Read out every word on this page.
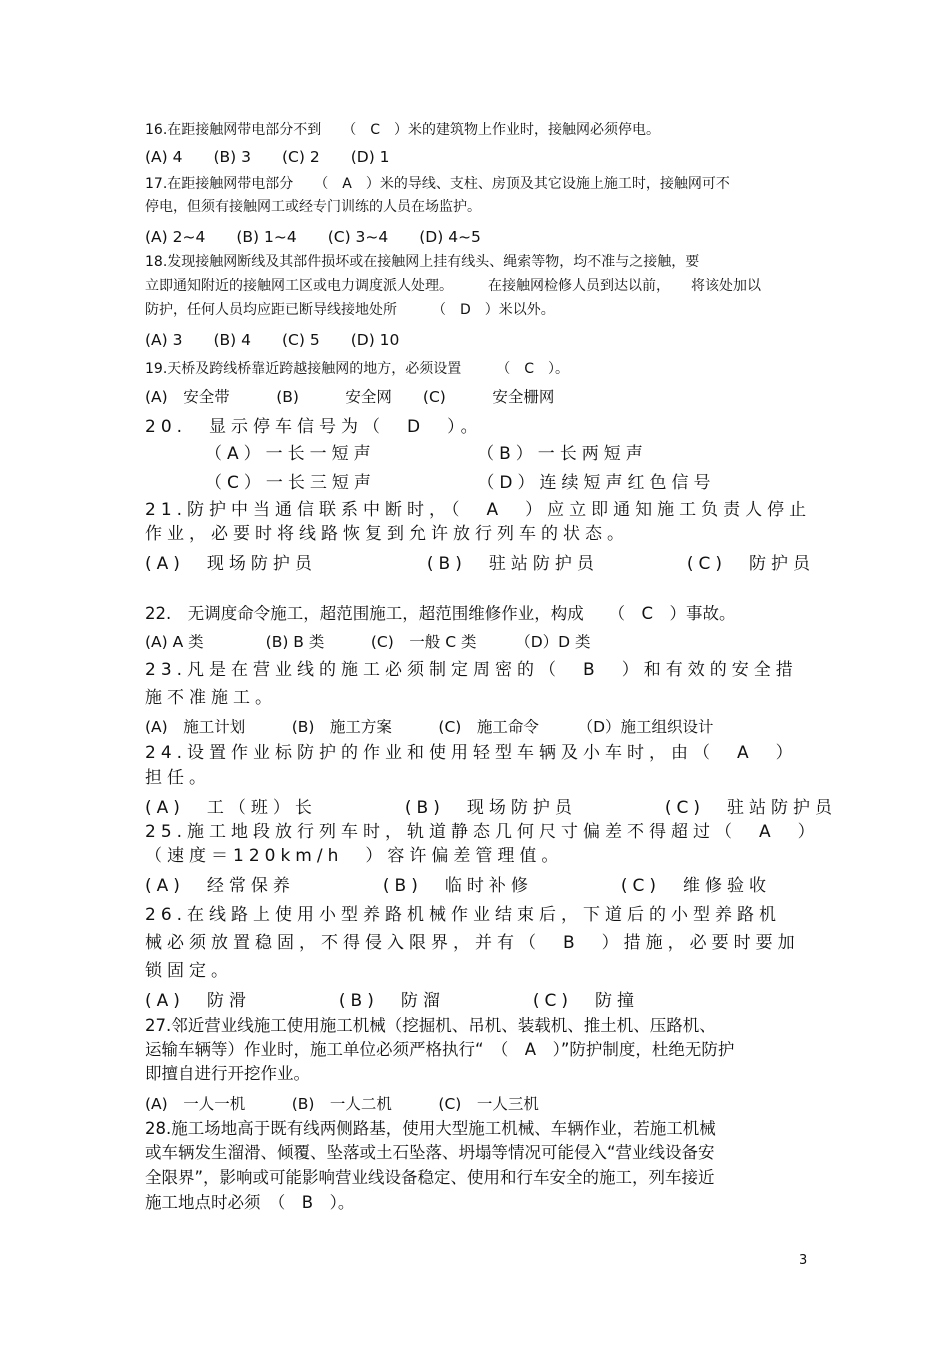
16.在距接触网带电部分不到　　（　C　）米的建筑物上作业时，接触网必须停电。
(A) 4　　(B) 3　　(C) 2　　(D) 1
17.在距接触网带电部分　　（　A　）米的导线、支柱、房顶及其它设施上施工时，接触网可不
停电，但须有接触网工或经专门训练的人员在场监护。
(A) 2~4　　(B) 1~4　　(C) 3~4　　(D) 4~5
18.发现接触网断线及其部件损坏或在接触网上挂有线头、绳索等物，均不准与之接触，要
立即通知附近的接触网工区或电力调度派人处理。　　　在接触网检修人员到达以前，　　将该处加以
防护，任何人员均应距已断导线接地处所　　　（　D　）米以外。
(A) 3　　(B) 4　　(C) 5　　(D) 10
19.天桥及跨线桥靠近跨越接触网的地方，必须设置　　　（　C　）。
(A)　安全带　　　(B)　　　安全网　　(C)　　　安全栅网
20.　显示停车信号为（　D　）。
（A）一长一短声　　　　　（B）一长两短声
（C）一长三短声　　　　　（D）连续短声红色信号
21.防护中当通信联系中断时，（　A　）应立即通知施工负责人停止
作业，必要时将线路恢复到允许放行列车的状态。
(A)　现场防护员　　　　　(B)　驻站防护员　　　　(C)　防护员
22.　无调度命令施工，超范围施工，超范围维修作业，构成　　（　C　）事故。
(A) A 类　　　　(B) B 类　　　(C)　一般 C 类　　　（D）D 类
23.凡是在营业线的施工必须制定周密的（　B　）和有效的安全措
施不准施工。
(A)　施工计划　　　(B)　施工方案　　　(C)　施工命令　　　（D）施工组织设计
24.设置作业标防护的作业和使用轻型车辆及小车时，由（　A　）
担任。
(A)　工（班）长　　　　(B)　现场防护员　　　　(C)　驻站防护员
25.施工地段放行列车时，轨道静态几何尺寸偏差不得超过（　A　）
（速度＝120km/h　）容许偏差管理值。
(A)　经常保养　　　　(B)　临时补修　　　　(C)　维修验收
26.在线路上使用小型养路机械作业结束后，下道后的小型养路机
械必须放置稳固，不得侵入限界，并有（　B　）措施，必要时要加
锁固定。
(A)　防滑　　　　(B)　防溜　　　　(C)　防撞
27.邻近营业线施工使用施工机械（挖掘机、吊机、装载机、推土机、压路机、
运输车辆等）作业时，施工单位必须严格执行“　（　A　）”防护制度，杜绝无防护
即擅自进行开挖作业。
(A)　一人一机　　　(B)　一人二机　　　(C)　一人三机
28.施工场地高于既有线两侧路基，使用大型施工机械、车辆作业，若施工机械
或车辆发生溜滑、倾覆、坠落或土石坠落、坍塌等情况可能侵入“营业线设备安
全限界”，影响或可能影响营业线设备稳定、使用和行车安全的施工，列车接近
施工地点时必须　（　B　）。
3
